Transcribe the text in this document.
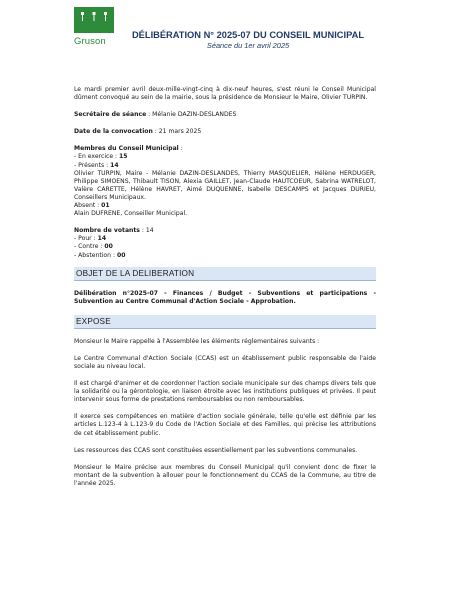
Gruson
DÉLIBÉRATION N° 2025-07 DU CONSEIL MUNICIPAL
Séance du 1er avril 2025

Le mardi premier avril deux-mille-vingt-cinq à dix-neuf heures, s'est réuni le Conseil Municipal dûment convoqué au sein de la mairie, sous la présidence de Monsieur le Maire, Olivier TURPIN.

Secrétaire de séance : Mélanie DAZIN-DESLANDES

Date de la convocation : 21 mars 2025

Membres du Conseil Municipal :

- En exercice : 15

- Présents : 14

Olivier TURPIN, Maire - Mélanie DAZIN-DESLANDES, Thierry MASQUELIER, Hélène HERDUGER, Philippe SIMOENS, Thibault TISON, Alexia GAILLET, Jean-Claude HAUTCOEUR, Sabrina WATRELOT, Valère CARETTE, Hélène HAVRET, Aimé DUQUENNE, Isabelle DESCAMPS et Jacques DURIEU, Conseillers Municipaux.

Absent : 01

Alain DUFRENE, Conseiller Municipal.

Nombre de votants : 14

- Pour : 14

- Contre : 00

- Abstention : 00

OBJET DE LA DELIBERATION

Délibération n°2025-07 - Finances / Budget - Subventions et participations - Subvention au Centre Communal d'Action Sociale - Approbation.

EXPOSE

Monsieur le Maire rappelle à l'Assemblée les éléments réglementaires suivants :

Le Centre Communal d'Action Sociale (CCAS) est un établissement public responsable de l'aide sociale au niveau local.

Il est chargé d'animer et de coordonner l'action sociale municipale sur des champs divers tels que la solidarité ou la gérontologie, en liaison étroite avec les institutions publiques et privées. Il peut intervenir sous forme de prestations remboursables ou non remboursables.

Il exerce ses compétences en matière d'action sociale générale, telle qu'elle est définie par les articles L.123-4 à L.123-9 du Code de l'Action Sociale et des Familles, qui précise les attributions de cet établissement public.

Les ressources des CCAS sont constituées essentiellement par les subventions communales.

Monsieur le Maire précise aux membres du Conseil Municipal qu'il convient donc de fixer le montant de la subvention à allouer pour le fonctionnement du CCAS de la Commune, au titre de l'année 2025.
